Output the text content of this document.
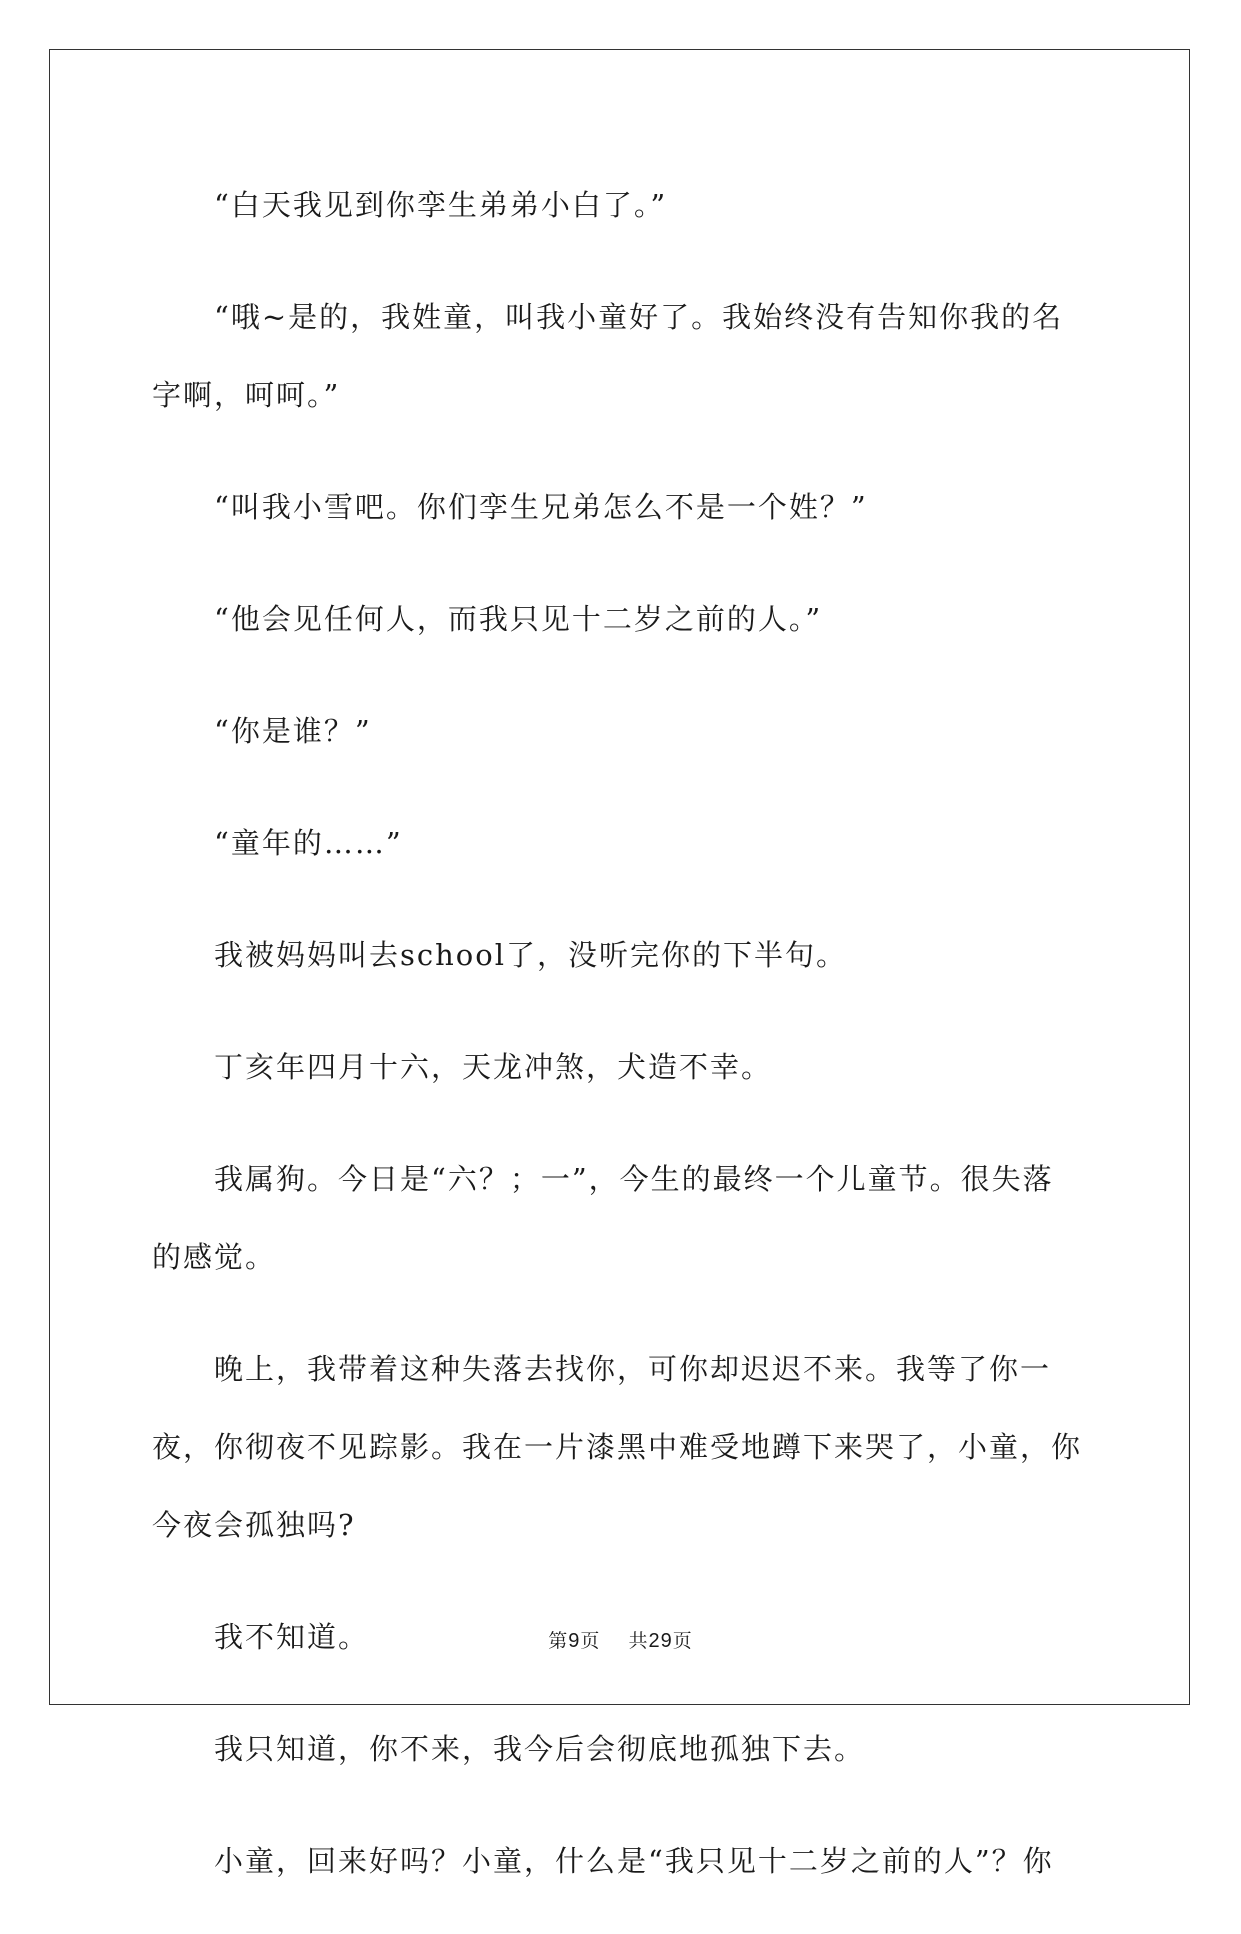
“白天我见到你孪生弟弟小白了。”

“哦~是的，我姓童，叫我小童好了。我始终没有告知你我的名字啊，呵呵。”

“叫我小雪吧。你们孪生兄弟怎么不是一个姓？”

“他会见任何人，而我只见十二岁之前的人。”

“你是谁？”

“童年的……”

我被妈妈叫去school了，没听完你的下半句。

丁亥年四月十六，天龙冲煞，犬造不幸。

我属狗。今日是“六？；一”，今生的最终一个儿童节。很失落的感觉。

晚上，我带着这种失落去找你，可你却迟迟不来。我等了你一夜，你彻夜不见踪影。我在一片漆黑中难受地蹲下来哭了，小童，你今夜会孤独吗?

我不知道。

我只知道，你不来，我今后会彻底地孤独下去。

小童，回来好吗？小童，什么是“我只见十二岁之前的人”？你

第9页    共29页
